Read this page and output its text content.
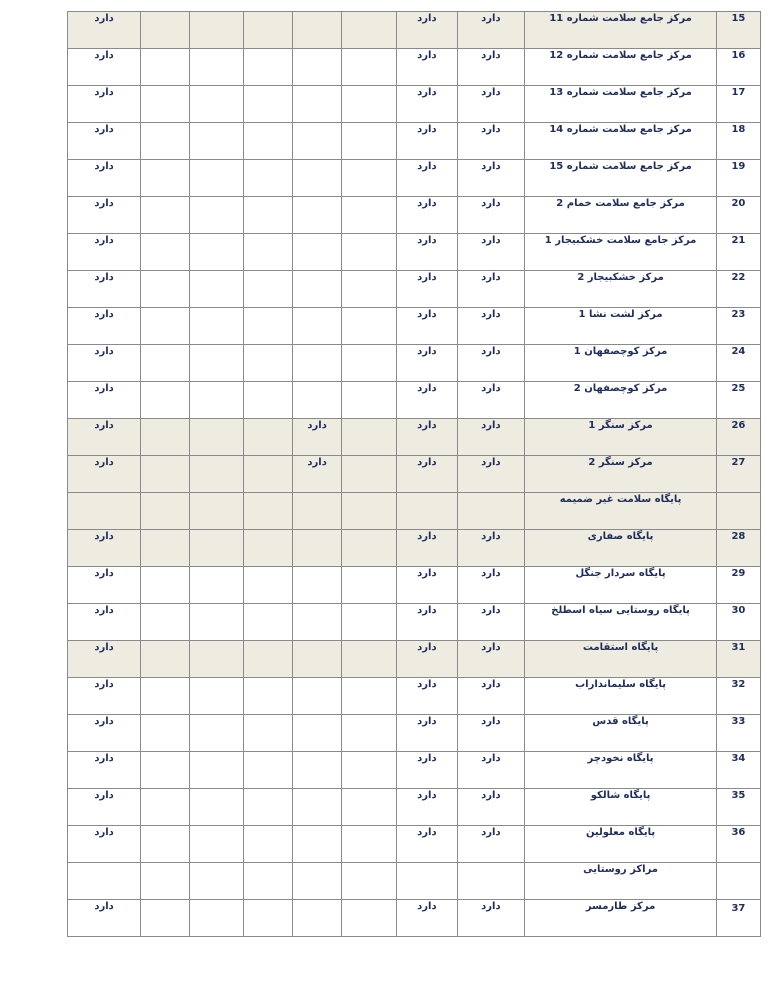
دارد						دارد	دارد	مرکز جامع سلامت شماره 11	15
دارد						دارد	دارد	مرکز جامع سلامت شماره 12	16
دارد						دارد	دارد	مرکز جامع سلامت شماره 13	17
دارد						دارد	دارد	مرکز جامع سلامت شماره 14	18
دارد						دارد	دارد	مرکز جامع سلامت شماره 15	19
دارد						دارد	دارد	مرکز جامع سلامت خمام 2	20
دارد						دارد	دارد	مرکز جامع سلامت خشکبیجار 1	21
دارد						دارد	دارد	مرکز خشکبیجار 2	22
دارد						دارد	دارد	مرکز لشت نشا 1	23
دارد						دارد	دارد	مرکز کوچصفهان 1	24
دارد						دارد	دارد	مرکز کوچصفهان 2	25
دارد				دارد		دارد	دارد	مرکز سنگر 1	26
دارد				دارد		دارد	دارد	مرکز سنگر 2	27
								پایگاه سلامت غیر ضمیمه	
دارد						دارد	دارد	پایگاه صفاری	28
دارد						دارد	دارد	پایگاه سردار جنگل	29
دارد						دارد	دارد	پایگاه روستایی سیاه اسطلخ	30
دارد						دارد	دارد	پایگاه استقامت	31
دارد						دارد	دارد	پایگاه سلیمانداراب	32
دارد						دارد	دارد	پایگاه قدس	33
دارد						دارد	دارد	پایگاه نخودچر	34
دارد						دارد	دارد	پایگاه شالکو	35
دارد						دارد	دارد	پایگاه معلولین	36
								مراکز روستایی	
دارد						دارد	دارد	مرکز طارمسر	37
